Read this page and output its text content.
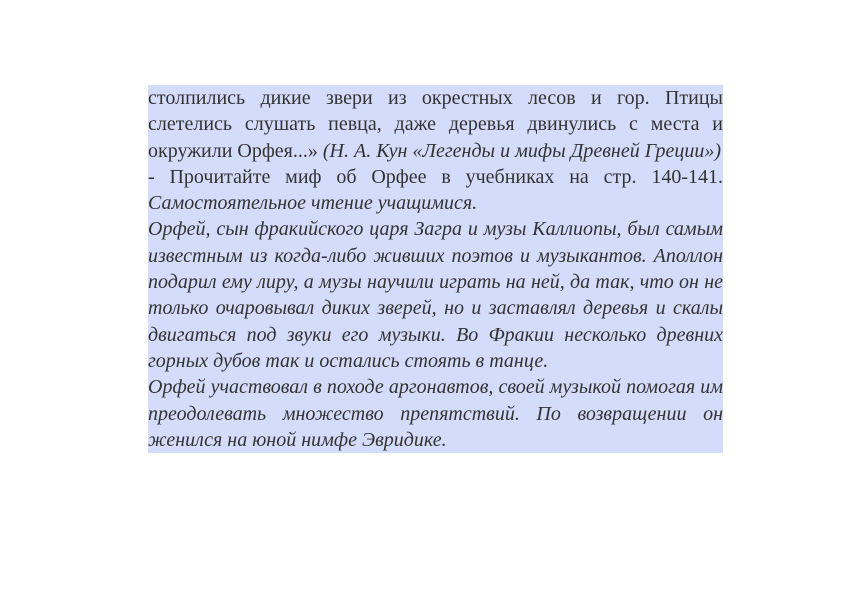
столпились дикие звери из окрестных лесов и гор. Птицы слетелись слушать певца, даже деревья двинулись с места и окружили Орфея...» (Н. А. Кун «Легенды и мифы Древней Греции»)

- Прочитайте миф об Орфее в учебниках на стр. 140-141. Самостоятельное чтение учащимися.

Орфей, сын фракийского царя Загра и музы Каллиопы, был самым известным из когда-либо живших поэтов и музыкантов. Аполлон подарил ему лиру, а музы научили играть на ней, да так, что он не только очаровывал диких зверей, но и заставлял деревья и скалы двигаться под звуки его музыки. Во Фракии несколько древних горных дубов так и остались стоять в танце.

Орфей участвовал в походе аргонавтов, своей музыкой помогая им преодолевать множество препятствий. По возвращении он женился на юной нимфе Эвридике.
